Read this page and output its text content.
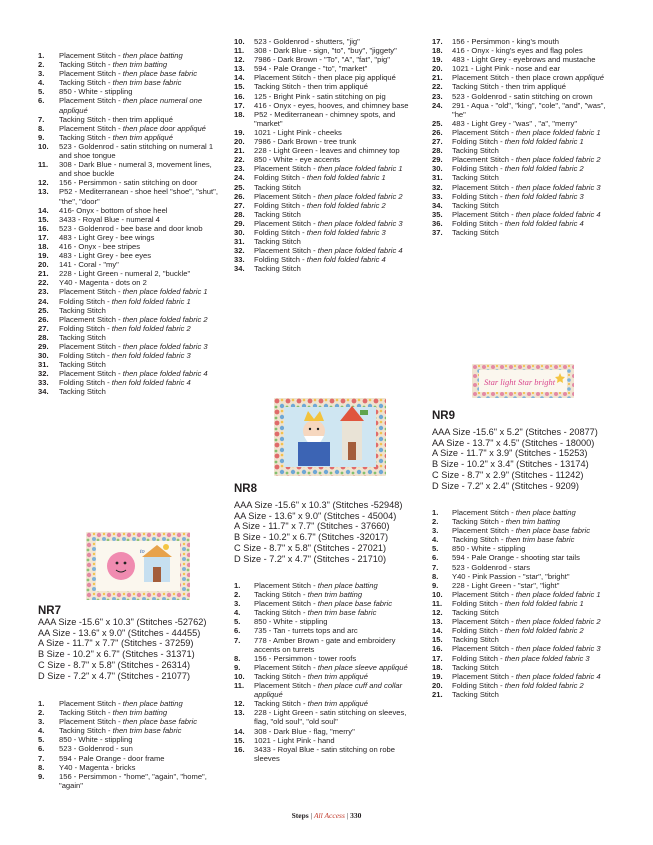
1.	Placement Stitch - then place batting
2.	Tacking Stitch - then trim batting
3.	Placement Stitch - then place base fabric
4.	Tacking Stitch - then trim base fabric
5.	850 - White - stippling
6.	Placement Stitch - then place numeral one appliqué
7.	Tacking Stitch - then trim appliqué
8.	Placement Stitch - then place door appliqué
9.	Tacking Stitch - then trim appliqué
10.	523 - Goldenrod - satin stitching on numeral 1 and shoe tongue
11.	308 - Dark Blue - numeral 3, movement lines, and shoe buckle
12.	156 - Persimmon - satin stitching on door
13.	P52 - Mediterranean - shoe heel "shoe", "shut", "the", "door"
14.	416- Onyx - bottom of shoe heel
15.	3433 - Royal Blue - numeral 4
16.	523 - Goldenrod - bee base and door knob
17.	483 - Light Grey - bee wings
18.	416 - Onyx - bee stripes
19.	483 - Light Grey - bee eyes
20.	141 - Coral - "my"
21.	228 - Light Green - numeral 2, "buckle"
22.	Y40 - Magenta - dots on 2
23.	Placement Stitch - then place folded fabric 1
24.	Folding Stitch - then fold folded fabric 1
25.	Tacking Stitch
26.	Placement Stitch - then place folded fabric 2
27.	Folding Stitch - then fold folded fabric 2
28.	Tacking Stitch
29.	Placement Stitch - then place folded fabric 3
30.	Folding Stitch - then fold folded fabric 3
31.	Tacking Stitch
32.	Placement Stitch - then place folded fabric 4
33.	Folding Stitch - then fold folded fabric 4
34.	Tacking Stitch
to
NR7
AAA Size -15.6" x 10.3" (Stitches -52762)
AA Size - 13.6" x 9.0" (Stitches - 44455)
A Size - 11.7" x 7.7" (Stitches - 37259)
B Size - 10.2" x 6.7" (Stitches - 31371)
C Size - 8.7" x 5.8" (Stitches - 26314)
D Size - 7.2" x 4.7" (Stitches - 21077)
1.	Placement Stitch - then place batting
2.	Tacking Stitch - then trim batting
3.	Placement Stitch - then place base fabric
4.	Tacking Stitch - then trim base fabric
5.	850 - White - stippling
6.	523 - Goldenrod - sun
7.	594 - Pale Orange - door frame
8.	Y40 - Magenta - bricks
9.	156 - Persimmon - "home", "again", "home", "again"
10.	523 - Goldenrod - shutters, "jig"
11.	308 - Dark Blue - sign, "to", "buy", "jiggety"
12.	7986 - Dark Brown - "To", "A", "fat", "pig"
13.	594 - Pale Orange - "to", "market"
14.	Placement Stitch - then place pig appliqué
15.	Tacking Stitch - then trim appliqué
16.	125 - Bright Pink - satin stitching on pig
17.	416 - Onyx - eyes, hooves, and chimney base
18.	P52 - Mediterranean - chimney spots, and "market"
19.	1021 - Light Pink - cheeks
20.	7986 - Dark Brown - tree trunk
21.	228 - Light Green - leaves and chimney top
22.	850 - White - eye accents
23.	Placement Stitch - then place folded fabric 1
24.	Folding Stitch - then fold folded fabric 1
25.	Tacking Stitch
26.	Placement Stitch - then place folded fabric 2
27.	Folding Stitch - then fold folded fabric 2
28.	Tacking Stitch
29.	Placement Stitch - then place folded fabric 3
30.	Folding Stitch - then fold folded fabric 3
31.	Tacking Stitch
32.	Placement Stitch - then place folded fabric 4
33.	Folding Stitch - then fold folded fabric 4
34.	Tacking Stitch
NR8
AAA Size -15.6" x 10.3" (Stitches -52948)
AA Size - 13.6" x 9.0" (Stitches - 45004)
A Size - 11.7" x 7.7" (Stitches - 37660)
B Size - 10.2" x 6.7" (Stitches -32017)
C Size - 8.7" x 5.8" (Stitches - 27021)
D Size - 7.2" x 4.7" (Stitches - 21710)
1.	Placement Stitch - then place batting
2.	Tacking Stitch - then trim batting
3.	Placement Stitch - then place base fabric
4.	Tacking Stitch - then trim base fabric
5.	850 - White - stippling
6.	735 - Tan - turrets tops and arc
7.	778 - Amber Brown - gate and embroidery accents on turrets
8.	156 - Persimmon - tower roofs
9.	Placement Stitch - then place sleeve appliqué
10.	Tacking Stitch - then trim appliqué
11.	Placement Stitch - then place cuff and collar appliqué
12.	Tacking Stitch - then trim appliqué
13.	228 - Light Green - satin stitching on sleeves, flag, "old soul", "old soul"
14.	308 - Dark Blue - flag, "merry"
15.	1021 - Light Pink - hand
16.	3433 - Royal Blue - satin stitching on robe sleeves
17.	156 - Persimmon - king's mouth
18.	416 - Onyx - king's eyes and flag poles
19.	483 - Light Grey - eyebrows and mustache
20.	1021 - Light Pink - nose and ear
21.	Placement Stitch - then place crown appliqué
22.	Tacking Stitch - then trim appliqué
23.	523 - Goldenrod - satin stitching on crown
24.	291 - Aqua - "old", "king", "cole", "and", "was", "he"
25.	483 - Light Grey - "was" , "a", "merry"
26.	Placement Stitch - then place folded fabric 1
27.	Folding Stitch - then fold folded fabric 1
28.	Tacking Stitch
29.	Placement Stitch - then place folded fabric 2
30.	Folding Stitch - then fold folded fabric 2
31.	Tacking Stitch
32.	Placement Stitch - then place folded fabric 3
33.	Folding Stitch - then fold folded fabric 3
34.	Tacking Stitch
35.	Placement Stitch - then place folded fabric 4
36.	Folding Stitch - then fold folded fabric 4
37.	Tacking Stitch
Star light Star bright
NR9
AAA Size -15.6" x 5.2" (Stitches - 20877)
AA Size - 13.7" x 4.5" (Stitches - 18000)
A Size - 11.7" x 3.9" (Stitches - 15253)
B Size - 10.2" x 3.4" (Stitches - 13174)
C Size - 8.7" x 2.9" (Stitches - 11242)
D Size - 7.2" x 2.4" (Stitches - 9209)
1.	Placement Stitch - then place batting
2.	Tacking Stitch - then trim batting
3.	Placement Stitch - then place base fabric
4.	Tacking Stitch - then trim base fabric
5.	850 - White - stippling
6.	594 - Pale Orange - shooting star tails
7.	523 - Goldenrod - stars
8.	Y40 - Pink Passion - "star", "bright"
9.	228 - Light Green - "star", "light"
10.	Placement Stitch - then place folded fabric 1
11.	Folding Stitch - then fold folded fabric 1
12.	Tacking Stitch
13.	Placement Stitch - then place folded fabric 2
14.	Folding Stitch - then fold folded fabric 2
15.	Tacking Stitch
16.	Placement Stitch - then place folded fabric 3
17.	Folding Stitch - then place folded fabric 3
18.	Tacking Stitch
19.	Placement Stitch - then place folded fabric 4
20.	Folding Stitch - then fold folded fabric 2
21.	Tacking Stitch
Steps | All Access | 330
